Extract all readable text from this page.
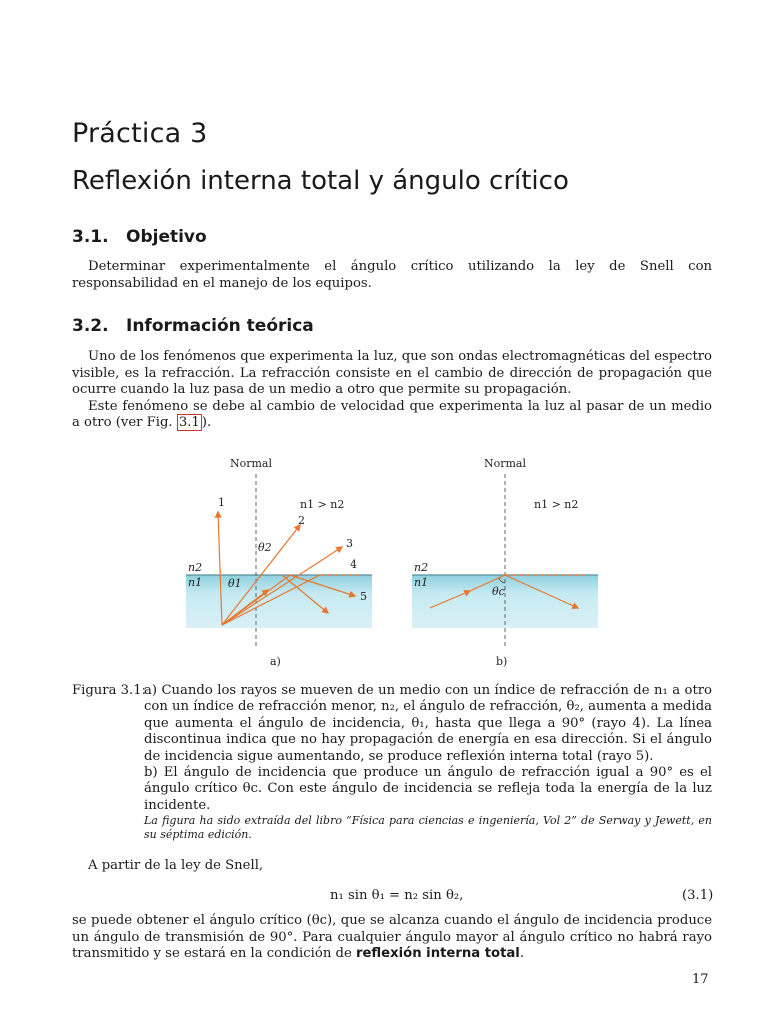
Práctica 3
Reflexión interna total y ángulo crítico
3.1. Objetivo

Determinar experimentalmente el ángulo crítico utilizando la ley de Snell con responsabilidad en el manejo de los equipos.

3.2. Información teórica

Uno de los fenómenos que experimenta la luz, que son ondas electromagnéticas del espectro visible, es la refracción. La refracción consiste en el cambio de dirección de propagación que ocurre cuando la luz pasa de un medio a otro que permite su propagación.

Este fenómeno se debe al cambio de velocidad que experimenta la luz al pasar de un medio a otro (ver Fig. 3.1 ).

Normal
n1 > n2
n2
n1 θ1
θ2
1
2
3
4
5
a)
Normal
n1 > n2
n2
n1
θc
b)
Figura 3.1:
a) Cuando los rayos se mueven de un medio con un índice de refracción de n₁ a otro con un índice de refracción menor, n₂, el ángulo de refracción, θ₂, aumenta a medida que aumenta el ángulo de incidencia, θ₁, hasta que llega a 90° (rayo 4). La línea discontinua indica que no hay propagación de energía en esa dirección. Si el ángulo de incidencia sigue aumentando, se produce reflexión interna total (rayo 5).
b) El ángulo de incidencia que produce un ángulo de refracción igual a 90° es el ángulo crítico θc. Con este ángulo de incidencia se refleja toda la energía de la luz incidente.
La figura ha sido extraída del libro “Física para ciencias e ingeniería, Vol 2” de Serway y Jewett, en su séptima edición.

A partir de la ley de Snell,

n₁ sin θ₁ = n₂ sin θ₂,	(3.1)

se puede obtener el ángulo crítico (θc), que se alcanza cuando el ángulo de incidencia produce un ángulo de transmisión de 90°. Para cualquier ángulo mayor al ángulo crítico no habrá rayo transmitido y se estará en la condición de reflexión interna total.

17
